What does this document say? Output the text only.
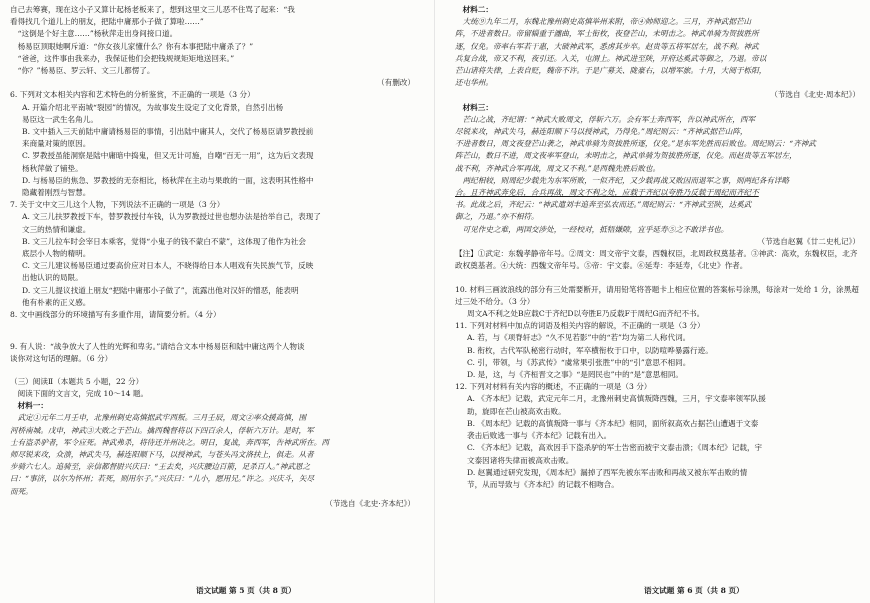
自己去筹赛，现在这小子又算计起杨老板来了，想到这里文三儿恶不住骂了起来：“我

看得找几个道儿上的朋友，把陆中庸那小子做了算啦……”

“这倒是个好主意……”杨秋萍走出身间接口道。

杨易臣顶眼她啊斥道：“你女孩儿家懂什么？你有本事把陆中庸杀了？”

“爸爸，这件事由我来办，我保证他们会把钱规规矩矩地送回来。”

“你？”杨易臣、罗云轩、文三儿都愣了。

（有删改）

6. 下列对文本相关内容和艺术特色的分析鉴赏，不正确的一项是（3 分）

A. 开篇介绍北平南城“裂园”的情况，为故事发生设定了文化背景，自然引出杨

易臣这一武生名角儿。

B. 文中插入三天前陆中庸请杨易臣的事情，引出陆中庸其人，交代了杨易臣请罗教授前

来商量对策的原因。

C. 罗教授虽能洞察是陆中庸暗中捣鬼，但又无计可施，自嘲“百无一用”，这为后文表现

杨秋萍做了铺垫。

D. 与杨易臣的焦急、罗教授的无奈相比，杨秋萍在主动与果敢的一面，这表明其性格中

隐藏着刚烈与智慧。

7. 关于文中文三儿这个人物，下列说法不正确的一项是（3 分）

A. 文三儿扶罗教授下车，替罗教授付车钱，认为罗教授过世也想办法是抬举自己，表现了

文三的热情和谦虚。

B. 文三儿拉车时会宰日本乘客，觉得“小鬼子的钱不蒙白不蒙”，这体现了他作为社会

底层小人物的精明。

C. 文三儿建议杨易臣通过要高价应对日本人，不晓得给日本人唱戏有失民族气节，反映

出他认识的局限。

D. 文三儿提议找道上朋友“把陆中庸那小子做了”，流露出他对汉奸的憎恶，能表明

他有朴素的正义感。

8. 文中画线部分的环境描写有多重作用，请简要分析。（4 分）

9. 有人说：“战争放大了人性的光辉和卑劣。”请结合文本中杨易臣和陆中庸这两个人物谈

谈你对这句话的理解。（6 分）

（三）阅读Ⅱ（本题共 5 小题，22 分）

阅读下面的文言文，完成 10～14 题。

材料一：

武定①元年二月壬申，北豫州刺史高慎据武牢西叛。三月壬辰，周文②率众援高慎，围

河桥南城。戊申，神武③大败之于芒山。擒西魏督将以下四百余人，俘斩六万计。是时，军

士有盗杀驴者，军令应死。神武弗杀，将待还并州决之。明日，复战，奔西军，告神武所在。西

师尽锐来攻，众溃，神武失马，赫连阳顺下马，以授神武，与苍头冯文洛扶上，俱走。从者

步骑六七人。追骑至，亲信都督尉兴庆曰：“王去矣，兴庆腰边百箭，足杀百人。”神武恩之

曰：“事济，以尔为怀州；若死，则用尔子。”兴庆曰：“儿小，愿用兄。”许之。兴庆斗，矢尽

而死。

（节选自《北史·齐本纪》）

语文试题 第 5 页（共 8 页）

材料二：

大统⑨九年二月，东魏北豫州刺史高慎举州来附，帝④帅师迎之。三月，齐神武据芒山

阵，不进者数日。帝留辎重于瀍曲，军士衔枚，夜登芒山，未明击之。神武单骑为贺拔胜所

逐，仅免。帝率右军若干惠，大破神武军，悉虏其步卒。赵贵等五将军居左，战不利。神武

兵复合战，帝又不利，夜引还。入关，屯渭上。神武进至陕，开府达奚武等御之，乃退。帝以

芒山诸将失律，上表自贬，魏帝不许。于是广募关、陇豪右，以增军旅。十月，大阅于栎阳，

还屯华州。

（节选自《北史·周本纪》）

材料三：

芒山之战，齐纪谓：“神武大败周文，俘斩六万。会有军士奔西军，告以神武所在，西军

尽锐来攻，神武失马，赫连阳顺下马以授神武，乃得免。”周纪则云：“齐神武据芒山阵，

不进者数日，周文夜登芒山袭之，神武单骑为贺拔胜所逐，仅免。”是东军先胜而后败也。周纪则云：“齐神武

阵芒山，数日不进，周文夜率军登山，未明击之，神武单骑为贺拔胜所逐，仅免。而赵贵等五军居左，

战不利，齐神武合军再战，周文又不利。”是西魏先胜后败也。

两纪相较，则周纪少载先为东军所败，一似齐纪，又少载再战又败因而退军之事，则两纪各有详略

合。且齐神武奔免后，合兵再战，周文不利之处，应载于齐纪以夸胜乃反载于周纪而齐纪不

书。此战之后，齐纪云：“神武遣刘丰追奔至弘农而还。”周纪则云：“齐神武至陕，达奚武

御之，乃退。”亦不相符。

可见作史之难，两国交涉处，一经校对，抵牾嫌隙，宜乎延寿⑤之不敢详书也。

（节选自赵翼《廿二史札记》）

【注】①武定：东魏孝静帝年号。②周文：周文帝宇文泰，西魏权臣，北周政权奠基者。③神武：高欢，东魏权臣，北齐政权奠基者。④大统：西魏文帝年号。⑤帝：宇文泰。⑥延寿：李延寿，《北史》作者。

10. 材料三画波浪线的部分有三处需要断开，请用铅笔将答题卡上相应位置的答案标号涂黑，每涂对一处给 1 分，涂黑超过三处不给分。（3 分）

周文A不利之处B应载C于齐纪D以夸胜E乃反载F于周纪G而齐纪不书。

11. 下列对材料中加点的词语及相关内容的解说，不正确的一项是（3 分）

A. 若，与《项脊轩志》“久不见若影”中的“若”均为第二人称代词。

B. 衔枚，古代军队秘密行动时，军卒横衔枚于口中，以防喧哗暴露行迹。

C. 引，带领，与《苏武传》“虞常果引张胜”中的“引”意思不相同。

D. 是，这，与《齐桓晋文之事》“是罔民也”中的“是”意思相同。

12. 下列对材料有关内容的概述，不正确的一项是（3 分）

A. 《齐本纪》记载，武定元年二月，北豫州刺史高慎叛降西魏，三月，宇文泰率领军队援

助，旋即在芒山被高欢击败。

B. 《周本纪》记载的高慎叛降一事与《齐本纪》相同，面所叙高欢占据芒山遭遇于文泰

袭击后败逃一事与《齐本纪》记载有出入。

C. 《齐本纪》记载，高欢因手下盗杀驴的军士告密而被宇文泰击溃；《周本纪》记载，宇

文泰因诸将失律而被高欢击败。

D. 赵翼通过研究发现，《周本纪》漏掉了西军先被东军击败和再战又被东军击败的情

节，从而导致与《齐本纪》的记载不相吻合。

语文试题 第 6 页（共 8 页）
